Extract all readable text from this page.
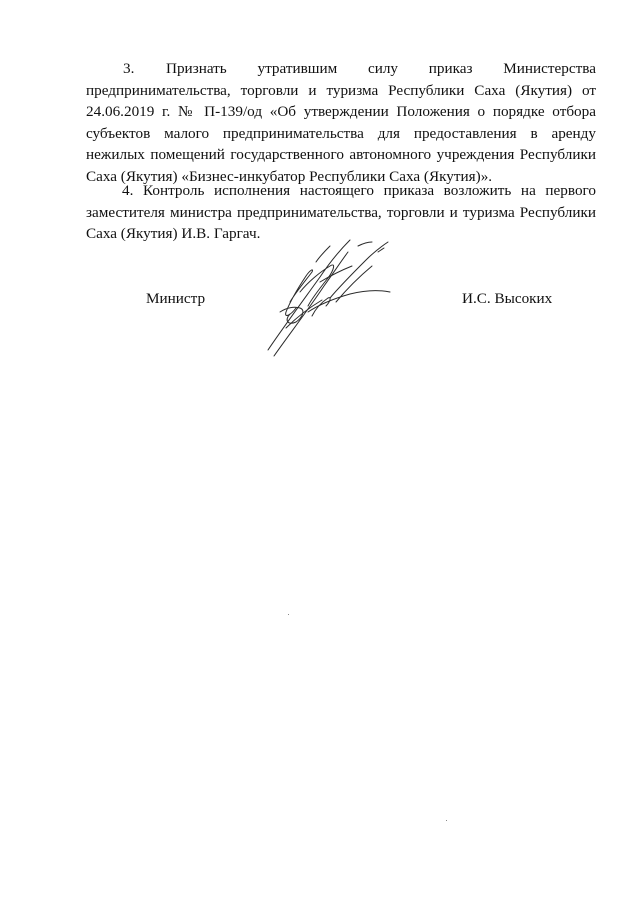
3. Признать утратившим силу приказ Министерства предпринимательства, торговли и туризма Республики Саха (Якутия) от 24.06.2019 г. № П-139/од «Об утверждении Положения о порядке отбора субъектов малого предпринимательства для предоставления в аренду нежилых помещений государственного автономного учреждения Республики Саха (Якутия) «Бизнес-инкубатор Республики Саха (Якутия)».

4. Контроль исполнения настоящего приказа возложить на первого заместителя министра предпринимательства, торговли и туризма Республики Саха (Якутия) И.В. Гаргач.

Министр	И.С. Высоких
